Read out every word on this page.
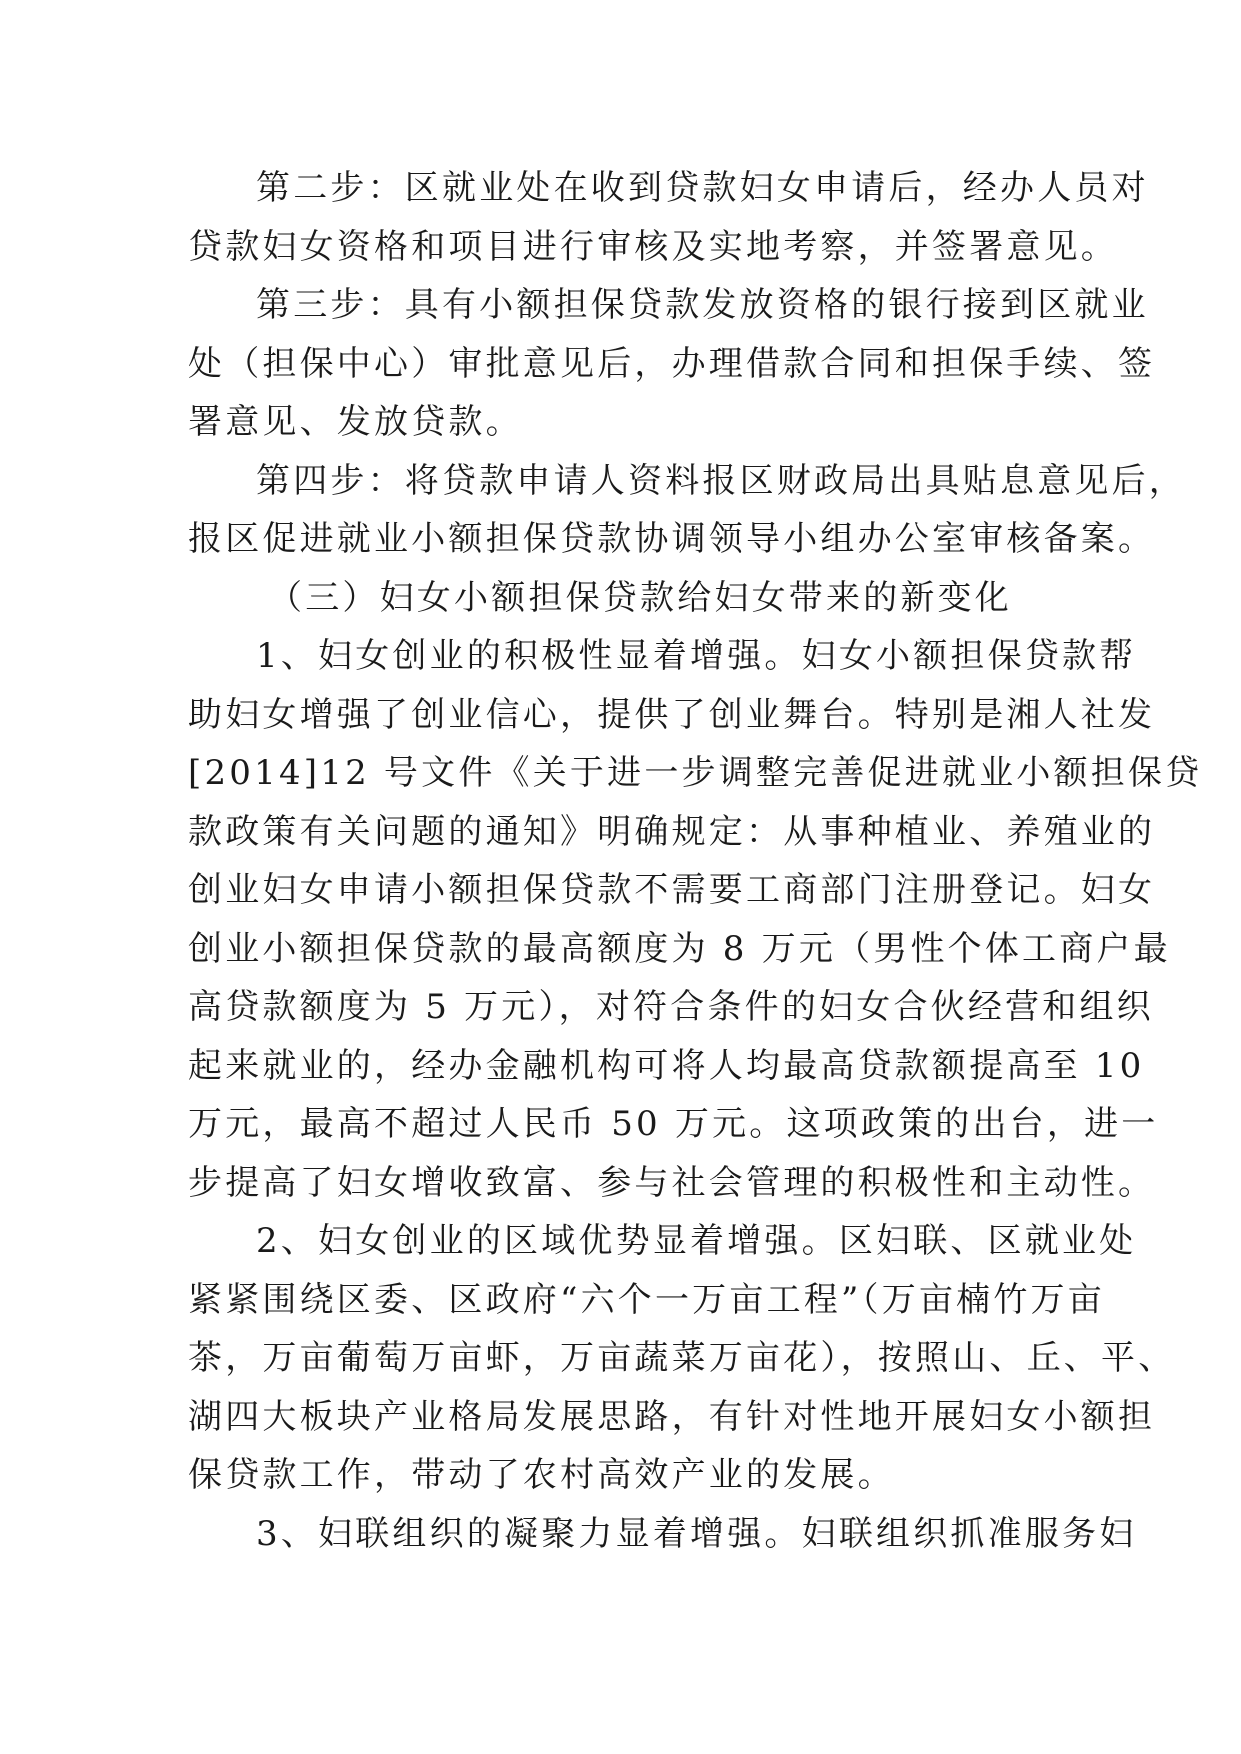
第二步：区就业处在收到贷款妇女申请后，经办人员对
贷款妇女资格和项目进行审核及实地考察，并签署意见。
第三步：具有小额担保贷款发放资格的银行接到区就业
处（担保中心）审批意见后，办理借款合同和担保手续、签
署意见、发放贷款。
第四步：将贷款申请人资料报区财政局出具贴息意见后，
报区促进就业小额担保贷款协调领导小组办公室审核备案。
（三）妇女小额担保贷款给妇女带来的新变化
1、妇女创业的积极性显着增强。妇女小额担保贷款帮
助妇女增强了创业信心，提供了创业舞台。特别是湘人社发
[2014]12 号文件《关于进一步调整完善促进就业小额担保贷
款政策有关问题的通知》明确规定：从事种植业、养殖业的
创业妇女申请小额担保贷款不需要工商部门注册登记。妇女
创业小额担保贷款的最高额度为 8 万元（男性个体工商户最
高贷款额度为 5 万元），对符合条件的妇女合伙经营和组织
起来就业的，经办金融机构可将人均最高贷款额提高至 10
万元，最高不超过人民币 50 万元。这项政策的出台，进一
步提高了妇女增收致富、参与社会管理的积极性和主动性。
2、妇女创业的区域优势显着增强。区妇联、区就业处
紧紧围绕区委、区政府“六个一万亩工程”（万亩楠竹万亩
茶，万亩葡萄万亩虾，万亩蔬菜万亩花），按照山、丘、平、
湖四大板块产业格局发展思路，有针对性地开展妇女小额担
保贷款工作，带动了农村高效产业的发展。
3、妇联组织的凝聚力显着增强。妇联组织抓准服务妇
